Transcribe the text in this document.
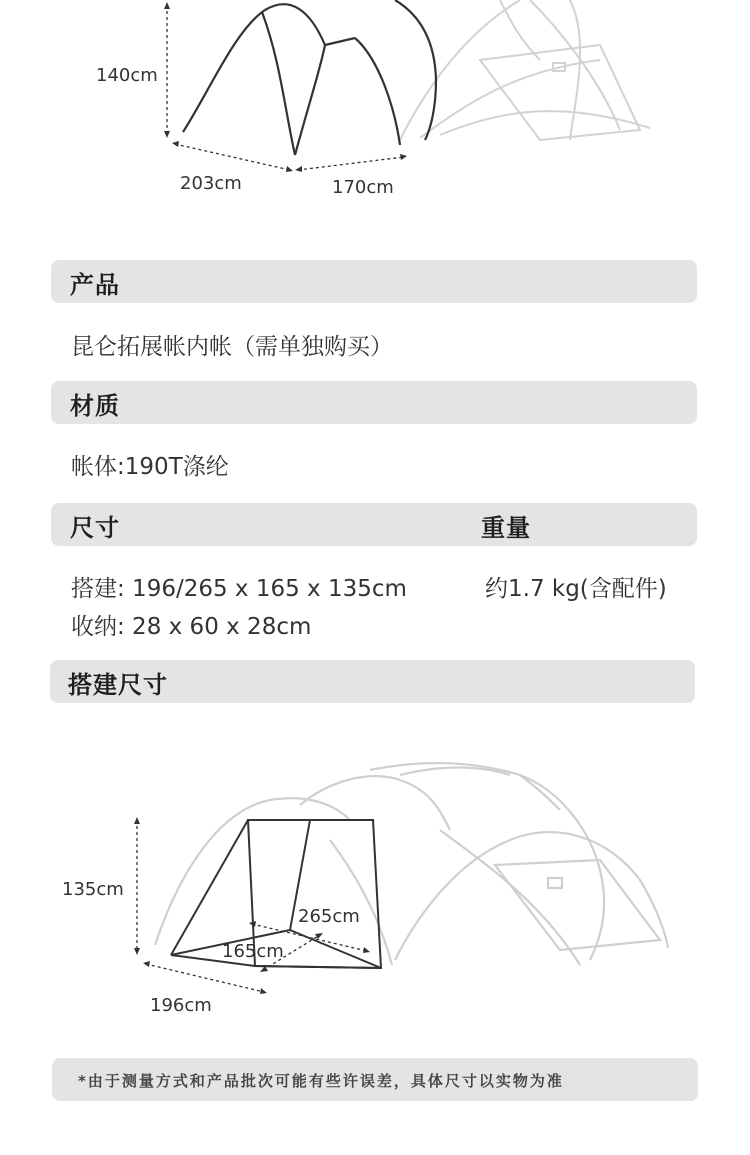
140cm
203cm	170cm
产品
昆仑拓展帐内帐（需单独购买）
材质
帐体:190T涤纶
尺寸	重量
搭建: 196/265 x 165 x 135cm
收纳: 28 x 60 x 28cm
约1.7 kg(含配件)
搭建尺寸
135cm
265cm
165cm
196cm
*由于测量方式和产品批次可能有些许误差，具体尺寸以实物为准
